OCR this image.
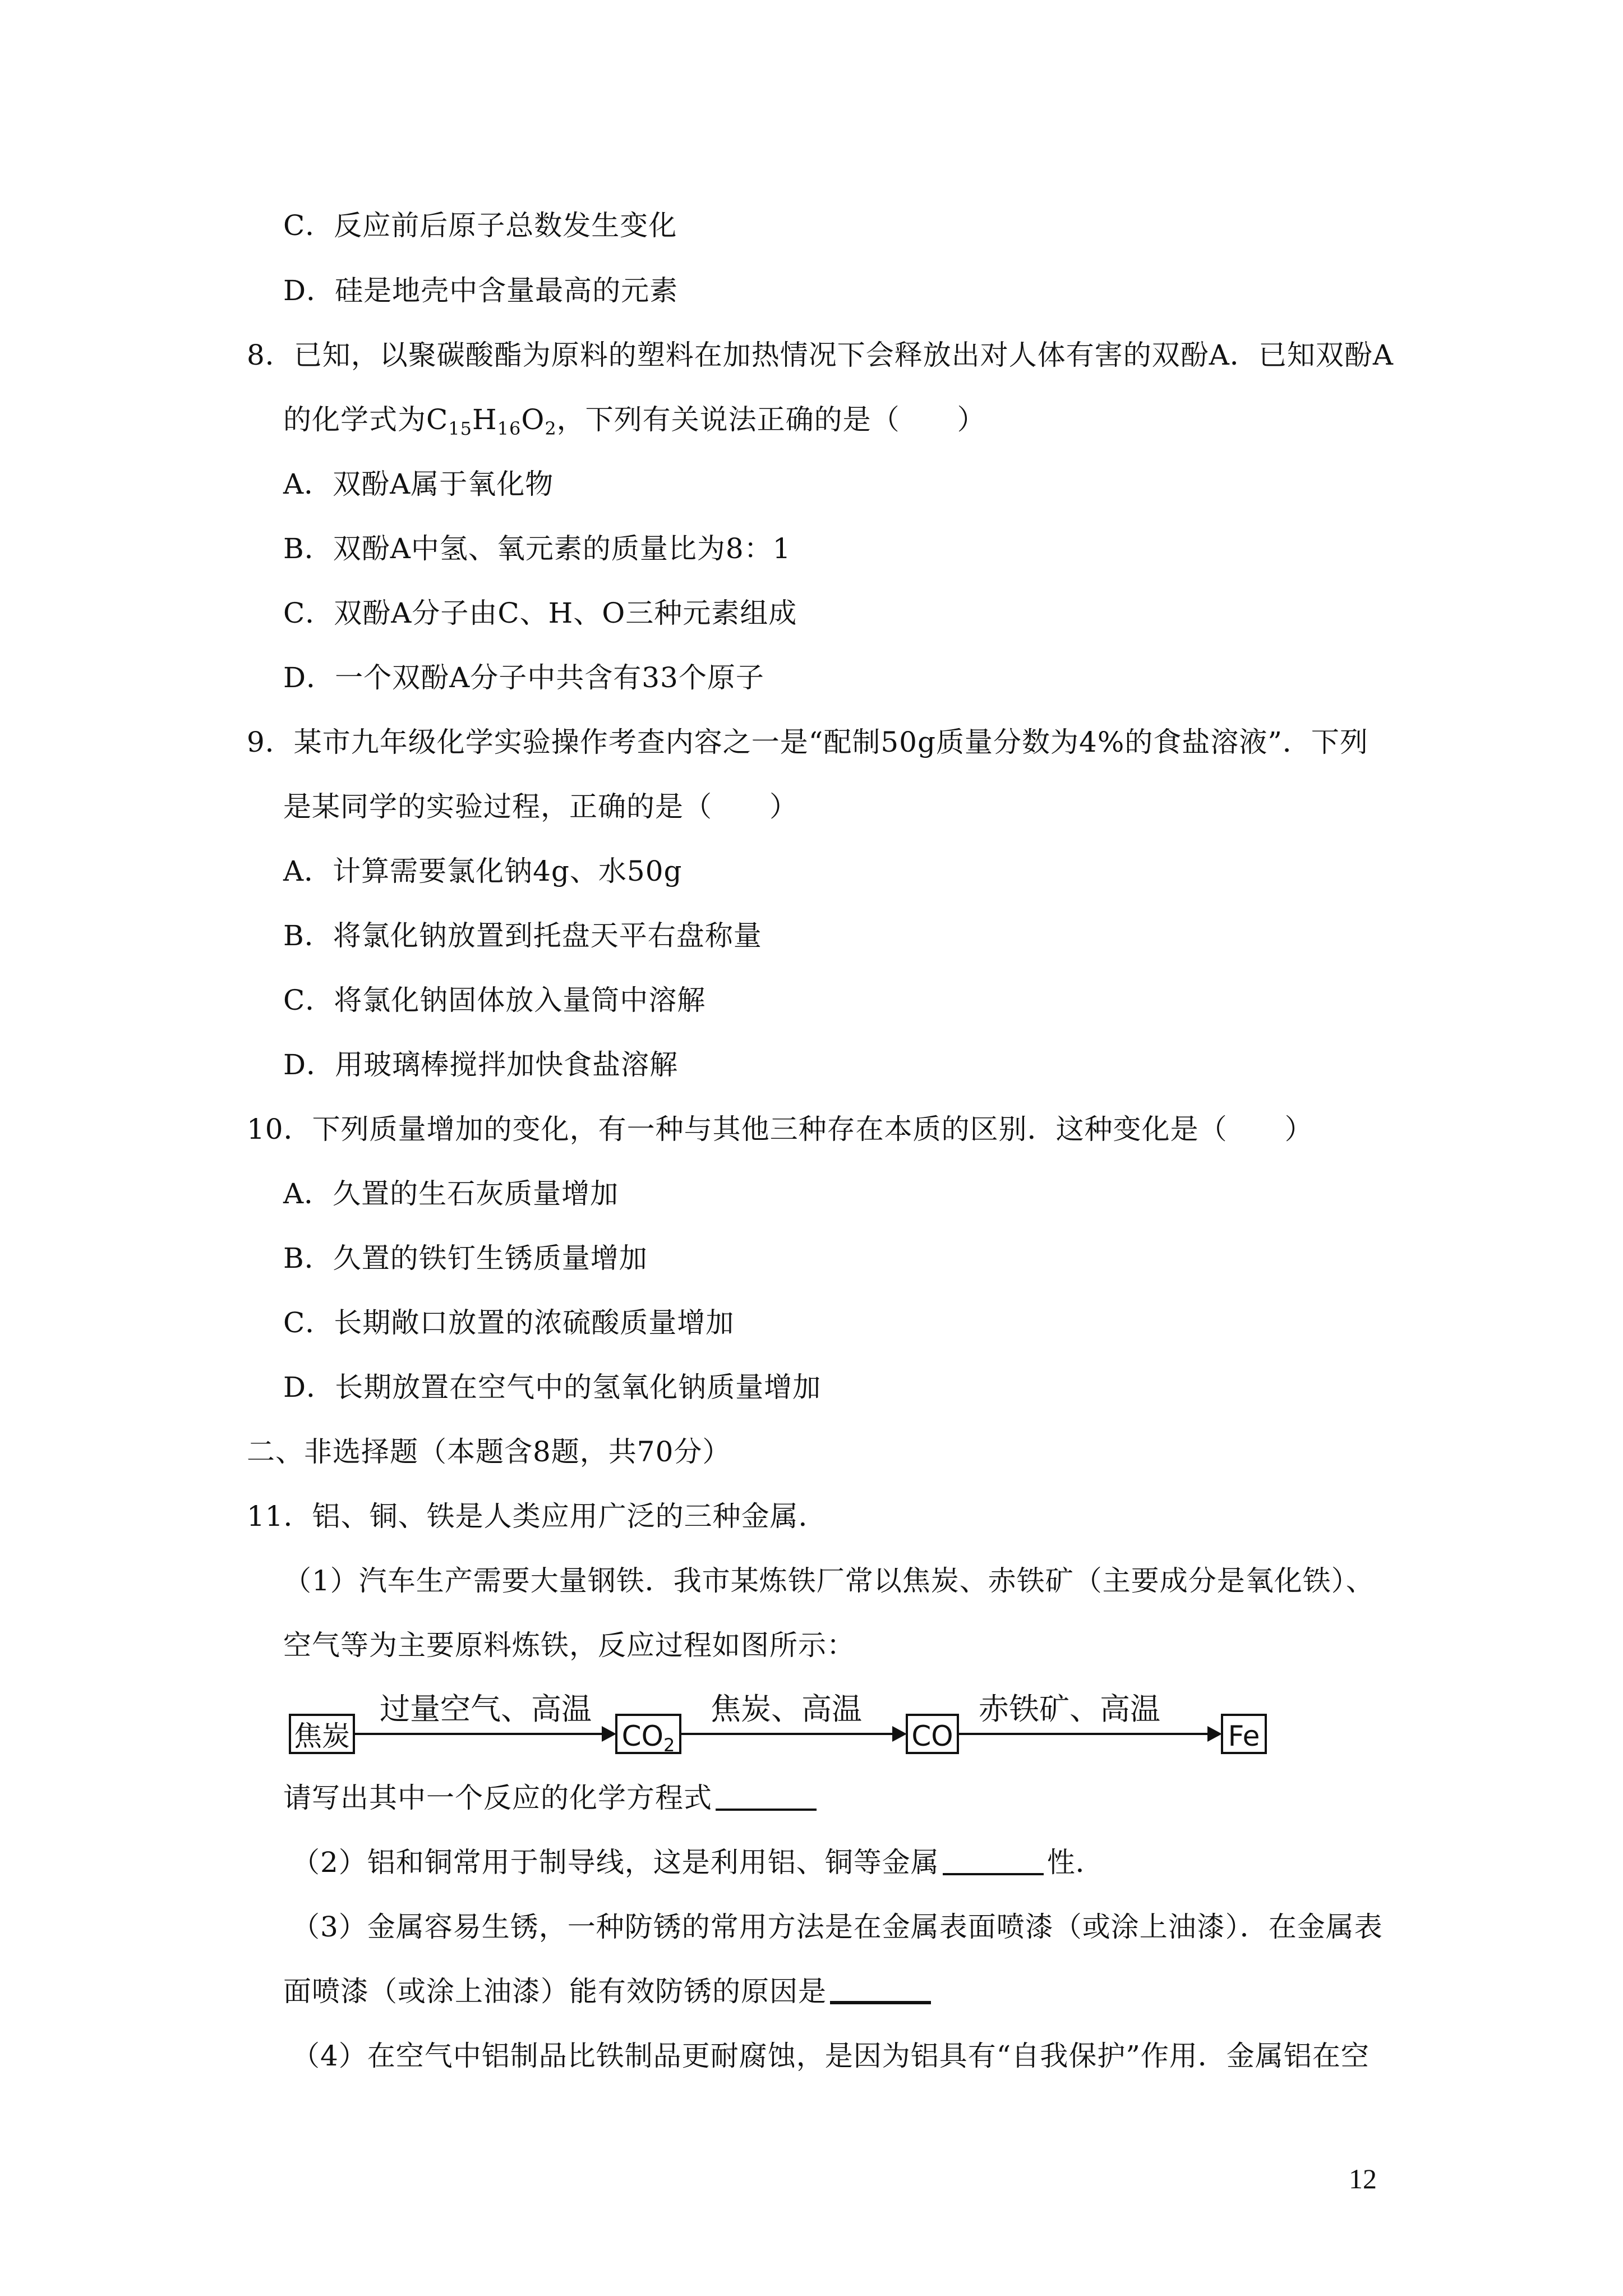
C．反应前后原子总数发生变化
D．硅是地壳中含量最高的元素
8．已知，以聚碳酸酯为原料的塑料在加热情况下会释放出对人体有害的双酚A．已知双酚A
的化学式为$C_{15}H_{16}O_2$，下列有关说法正确的是（　　）
A．双酚A属于氧化物
B．双酚A中氢、氧元素的质量比为8：1
C．双酚A分子由C、H、O三种元素组成
D．一个双酚A分子中共含有33个原子
9．某市九年级化学实验操作考查内容之一是“配制50g质量分数为4%的食盐溶液”．下列
是某同学的实验过程，正确的是（　　）
A．计算需要氯化钠4g、水50g
B．将氯化钠放置到托盘天平右盘称量
C．将氯化钠固体放入量筒中溶解
D．用玻璃棒搅拌加快食盐溶解
10．下列质量增加的变化，有一种与其他三种存在本质的区别．这种变化是（　　）
A．久置的生石灰质量增加
B．久置的铁钉生锈质量增加
C．长期敞口放置的浓硫酸质量增加
D．长期放置在空气中的氢氧化钠质量增加
二、非选择题（本题含8题，共70分）
11．铝、铜、铁是人类应用广泛的三种金属．
（1）汽车生产需要大量钢铁．我市某炼铁厂常以焦炭、赤铁矿（主要成分是氧化铁）、
空气等为主要原料炼铁，反应过程如图所示：
焦炭
过量空气、高温
$CO_2$
焦炭、高温
CO
赤铁矿、高温
Fe
请写出其中一个反应的化学方程式
（2）铝和铜常用于制导线，这是利用铝、铜等金属	性．
（3）金属容易生锈，一种防锈的常用方法是在金属表面喷漆（或涂上油漆）．在金属表
面喷漆（或涂上油漆）能有效防锈的原因是
（4）在空气中铝制品比铁制品更耐腐蚀，是因为铝具有“自我保护”作用．金属铝在空
12
